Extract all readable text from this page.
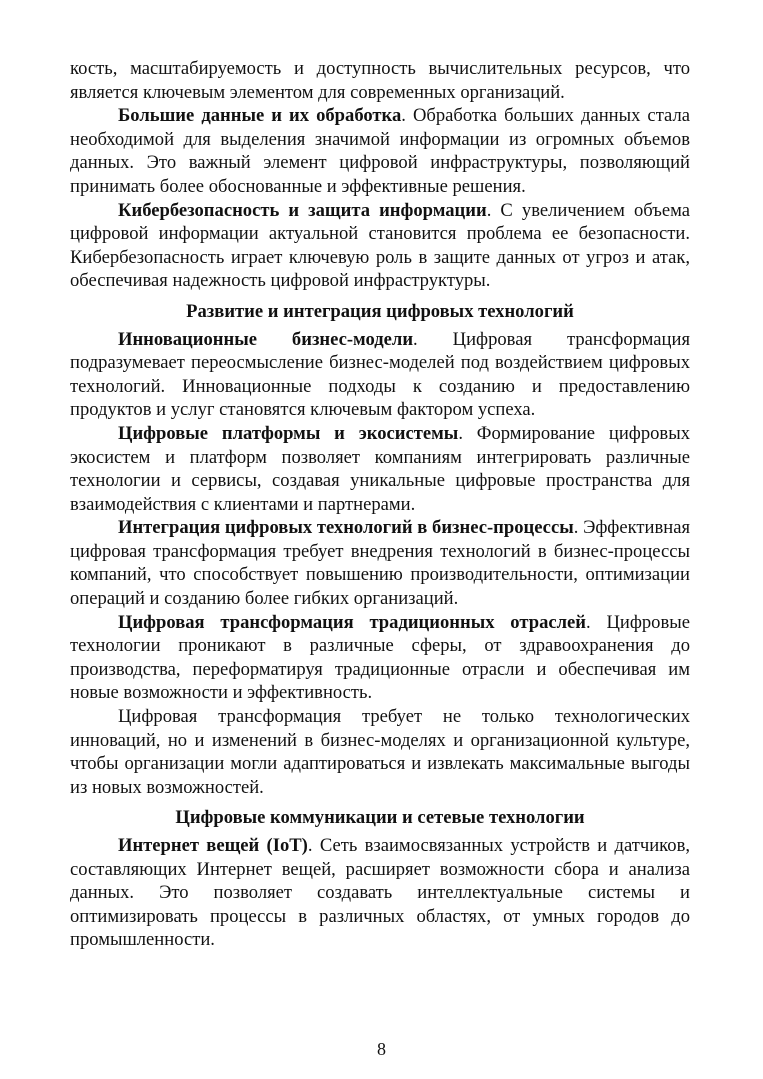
кость, масштабируемость и доступность вычислительных ресурсов, что является ключевым элементом для современных организаций.

Большие данные и их обработка. Обработка больших данных стала необходимой для выделения значимой информации из огромных объемов данных. Это важный элемент цифровой инфраструктуры, позволяющий принимать более обоснованные и эффективные решения.

Кибербезопасность и защита информации. С увеличением объема цифровой информации актуальной становится проблема ее безопасности. Кибербезопасность играет ключевую роль в защите данных от угроз и атак, обеспечивая надежность цифровой инфраструктуры.

Развитие и интеграция цифровых технологий

Инновационные бизнес-модели. Цифровая трансформация подразумевает переосмысление бизнес-моделей под воздействием цифровых технологий. Инновационные подходы к созданию и предоставлению продуктов и услуг становятся ключевым фактором успеха.

Цифровые платформы и экосистемы. Формирование цифровых экосистем и платформ позволяет компаниям интегрировать различные технологии и сервисы, создавая уникальные цифровые пространства для взаимодействия с клиентами и партнерами.

Интеграция цифровых технологий в бизнес-процессы. Эффективная цифровая трансформация требует внедрения технологий в бизнес-процессы компаний, что способствует повышению производительности, оптимизации операций и созданию более гибких организаций.

Цифровая трансформация традиционных отраслей. Цифровые технологии проникают в различные сферы, от здравоохранения до производства, переформатируя традиционные отрасли и обеспечивая им новые возможности и эффективность.

Цифровая трансформация требует не только технологических инноваций, но и изменений в бизнес-моделях и организационной культуре, чтобы организации могли адаптироваться и извлекать максимальные выгоды из новых возможностей.

Цифровые коммуникации и сетевые технологии

Интернет вещей (IoT). Сеть взаимосвязанных устройств и датчиков, составляющих Интернет вещей, расширяет возможности сбора и анализа данных. Это позволяет создавать интеллектуальные системы и оптимизировать процессы в различных областях, от умных городов до промышленности.

8
